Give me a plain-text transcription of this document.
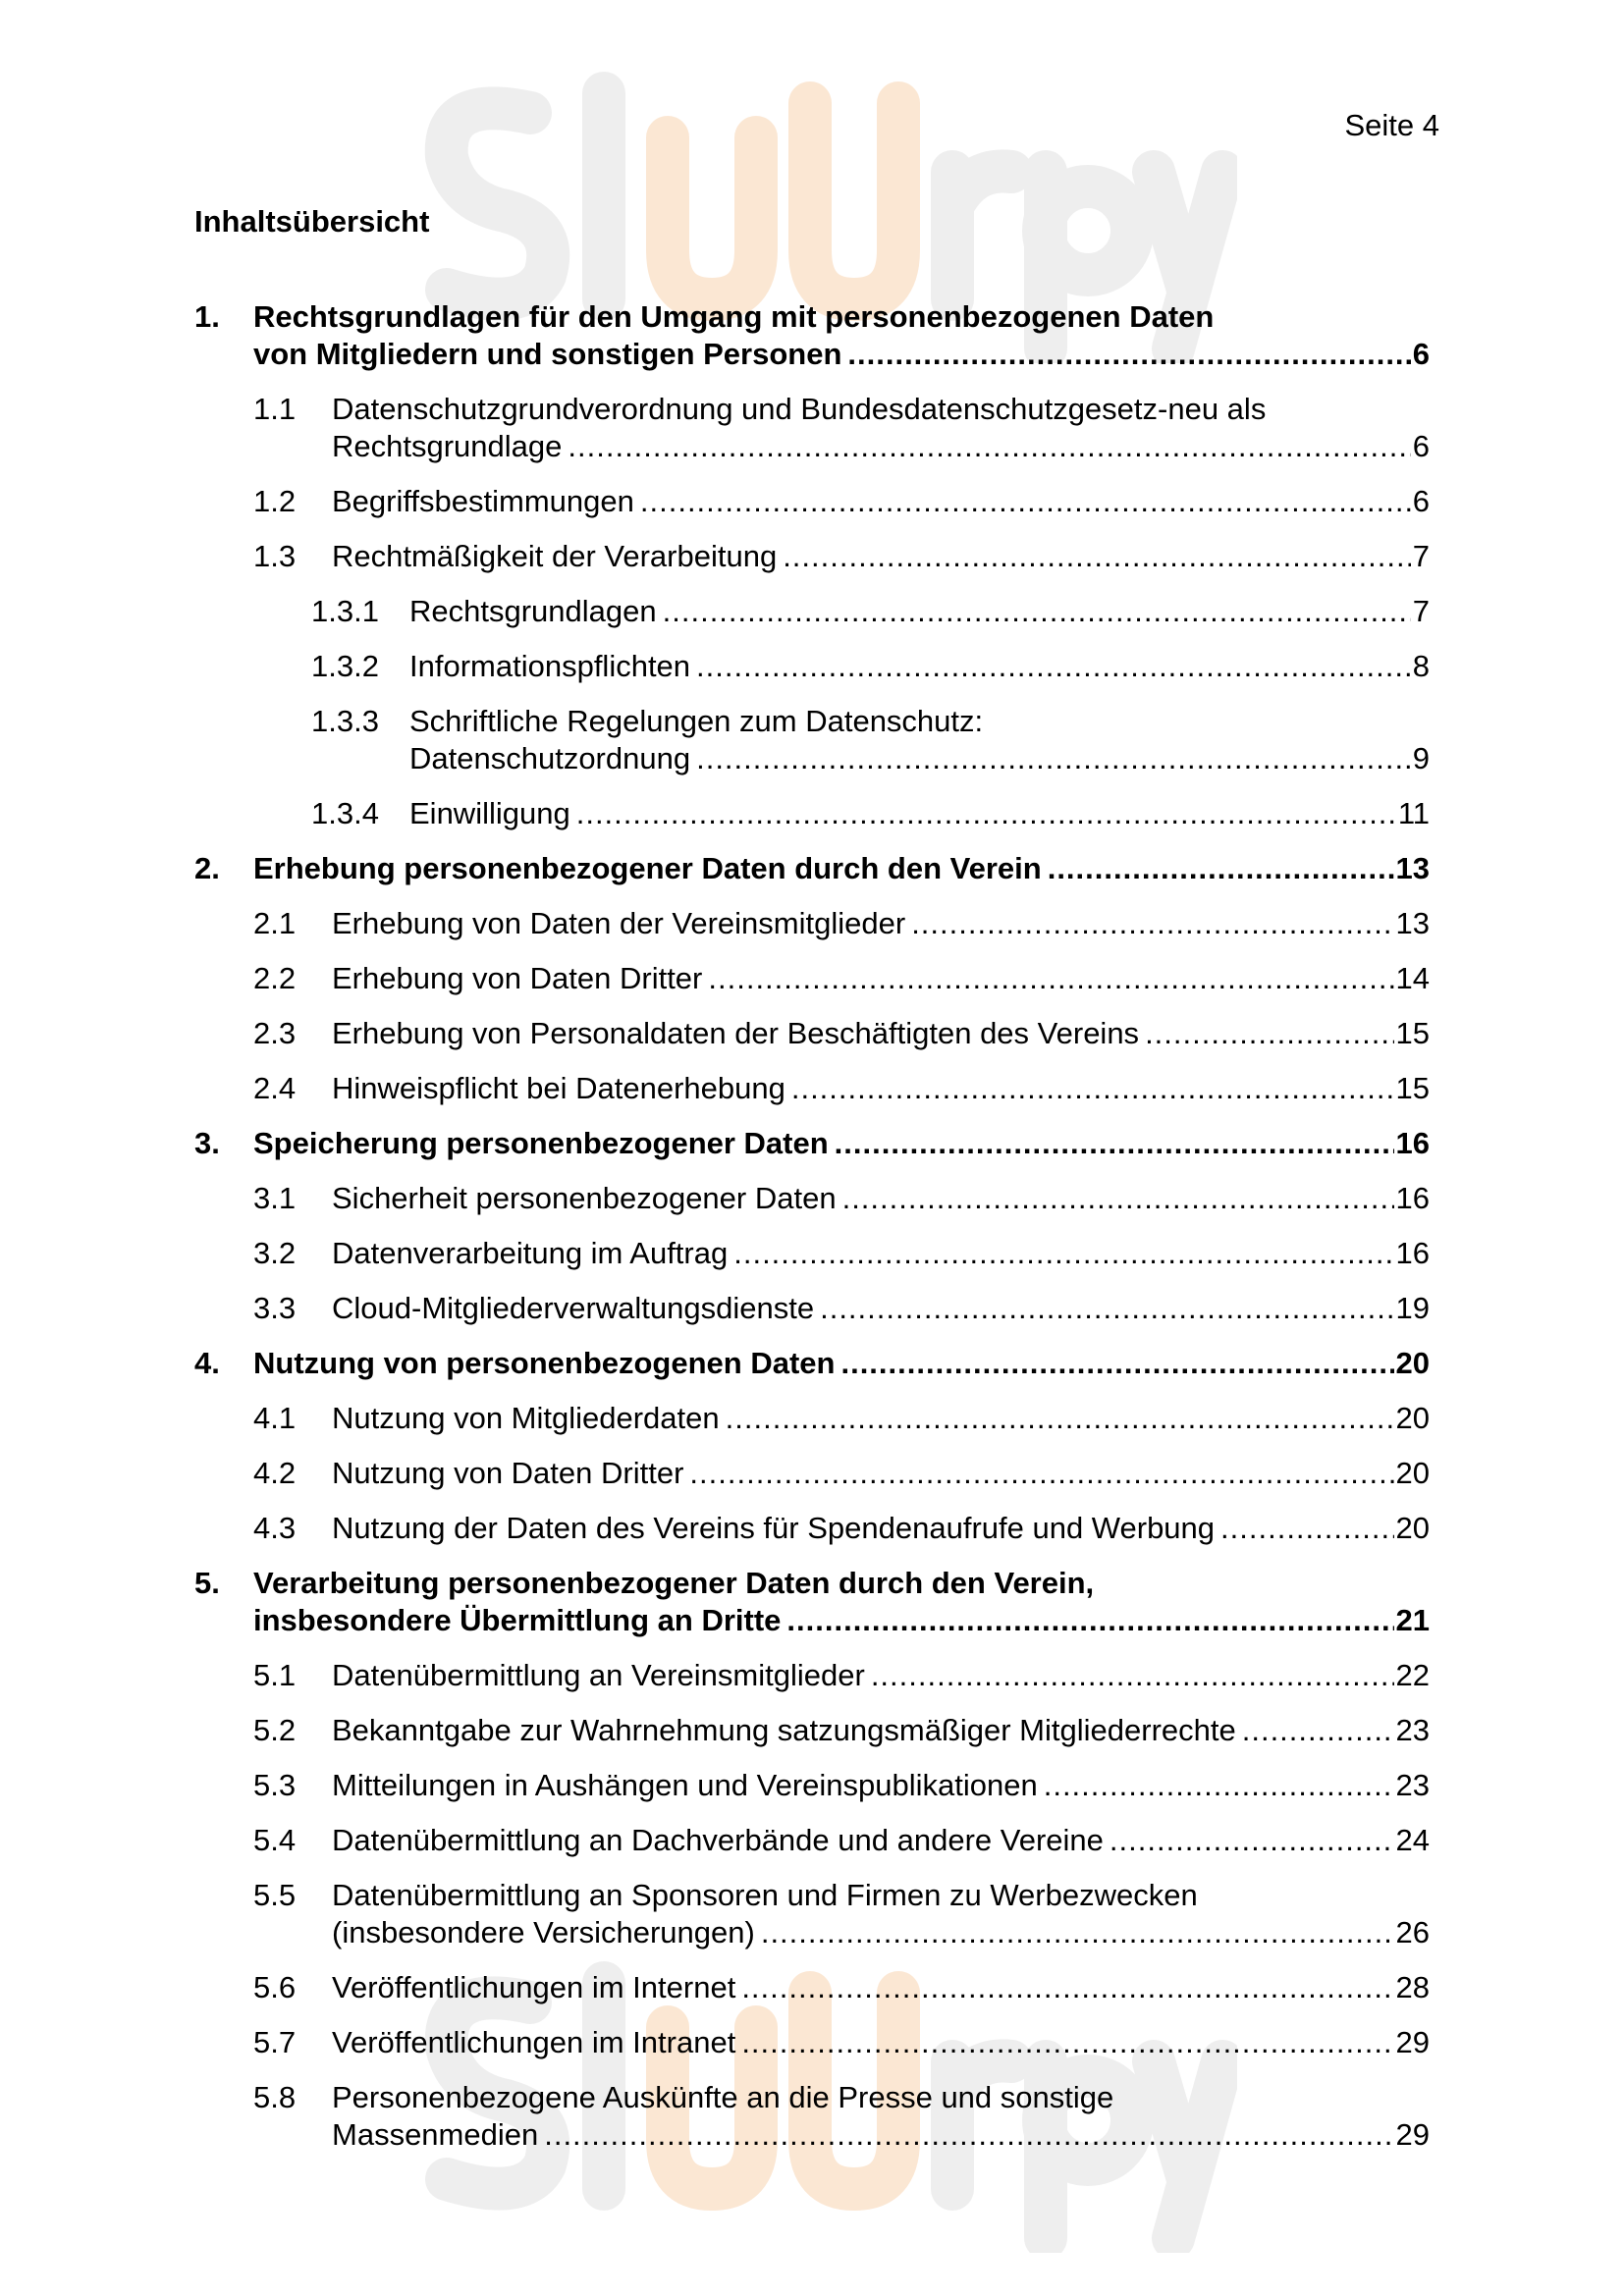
Seite 4
Inhaltsübersicht
1. Rechtsgrundlagen für den Umgang mit personenbezogenen Daten
von Mitgliedern und sonstigen Personen .....	6
1.1 Datenschutzgrundverordnung und Bundesdatenschutzgesetz-neu als
Rechtsgrundlage .....	6
1.2 Begriffsbestimmungen .....	6
1.3 Rechtmäßigkeit der Verarbeitung .....	7
1.3.1 Rechtsgrundlagen .....	7
1.3.2 Informationspflichten .....	8
1.3.3 Schriftliche Regelungen zum Datenschutz:
Datenschutzordnung .....	9
1.3.4 Einwilligung .....	11
2. Erhebung personenbezogener Daten durch den Verein .....	13
2.1 Erhebung von Daten der Vereinsmitglieder .....	13
2.2 Erhebung von Daten Dritter .....	14
2.3 Erhebung von Personaldaten der Beschäftigten des Vereins .....	15
2.4 Hinweispflicht bei Datenerhebung .....	15
3. Speicherung personenbezogener Daten .....	16
3.1 Sicherheit personenbezogener Daten .....	16
3.2 Datenverarbeitung im Auftrag .....	16
3.3 Cloud-Mitgliederverwaltungsdienste .....	19
4. Nutzung von personenbezogenen Daten .....	20
4.1 Nutzung von Mitgliederdaten .....	20
4.2 Nutzung von Daten Dritter .....	20
4.3 Nutzung der Daten des Vereins für Spendenaufrufe und Werbung .....	20
5. Verarbeitung personenbezogener Daten durch den Verein,
insbesondere Übermittlung an Dritte .....	21
5.1 Datenübermittlung an Vereinsmitglieder .....	22
5.2 Bekanntgabe zur Wahrnehmung satzungsmäßiger Mitgliederrechte .....	23
5.3 Mitteilungen in Aushängen und Vereinspublikationen .....	23
5.4 Datenübermittlung an Dachverbände und andere Vereine .....	24
5.5 Datenübermittlung an Sponsoren und Firmen zu Werbezwecken
(insbesondere Versicherungen) .....	26
5.6 Veröffentlichungen im Internet .....	28
5.7 Veröffentlichungen im Intranet .....	29
5.8 Personenbezogene Auskünfte an die Presse und sonstige
Massenmedien .....	29
